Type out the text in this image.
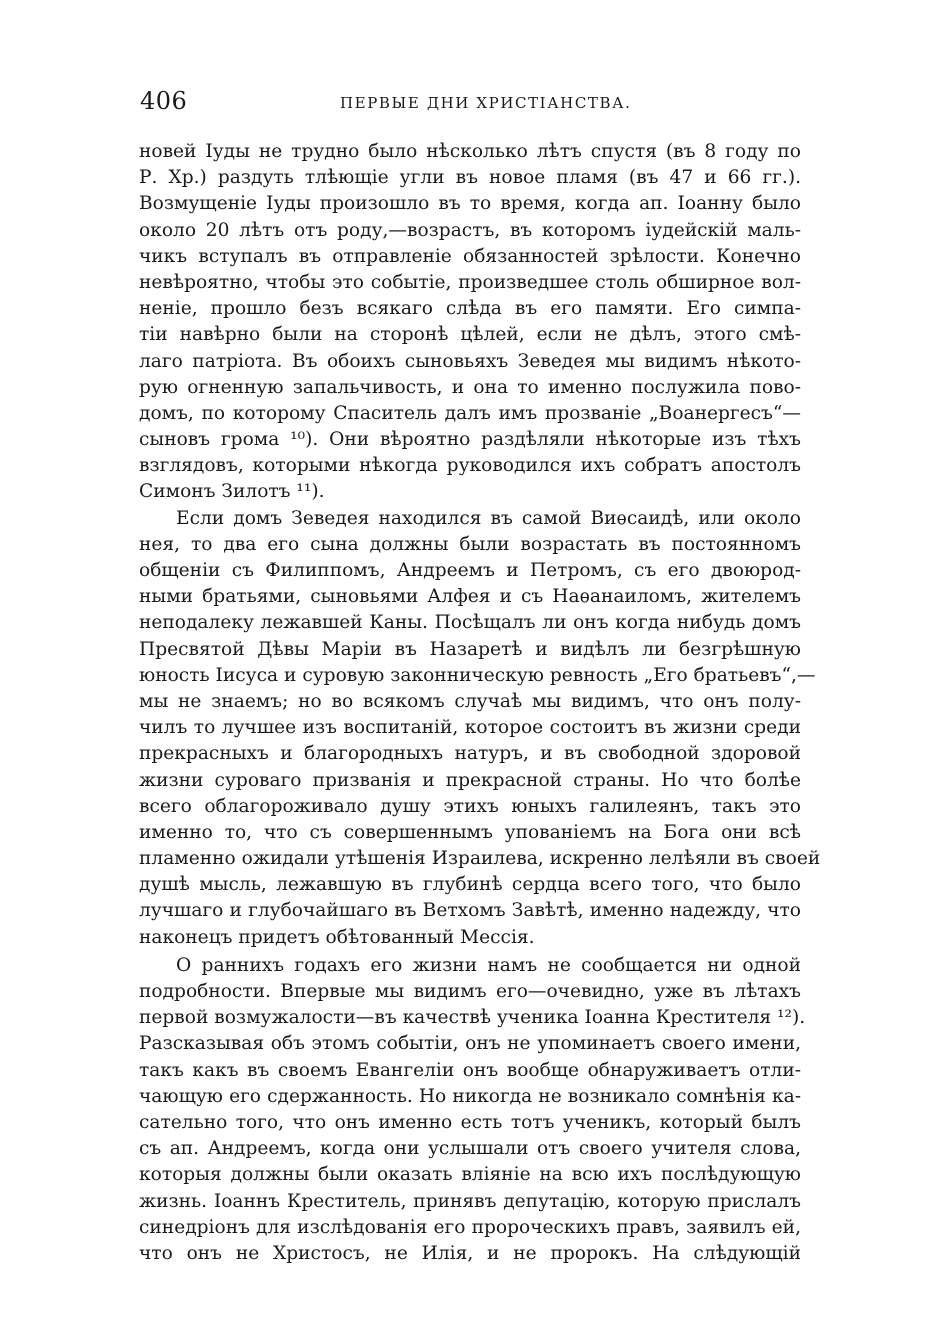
406	ПЕРВЫЕ ДНИ ХРИСТІАНСТВА.
новей Іуды не трудно было нѣсколько лѣтъ спустя (въ 8 году по
Р. Хр.) раздуть тлѣющіе угли въ новое пламя (въ 47 и 66 гг.).
Возмущеніе Іуды произошло въ то время, когда ап. Іоанну было
около 20 лѣтъ отъ роду,—возрастъ, въ которомъ іудейскій маль-
чикъ вступалъ въ отправленіе обязанностей зрѣлости. Конечно
невѣроятно, чтобы это событіе, произведшее столь обширное вол-
неніе, прошло безъ всякаго слѣда въ его памяти. Его симпа-
тіи навѣрно были на сторонѣ цѣлей, если не дѣлъ, этого смѣ-
лаго патріота. Въ обоихъ сыновьяхъ Зеведея мы видимъ нѣкото-
рую огненную запальчивость, и она то именно послужила пово-
домъ, по которому Спаситель далъ имъ прозваніе „Воанергесъ“—
сыновъ грома ¹⁰). Они вѣроятно раздѣляли нѣкоторые изъ тѣхъ
взглядовъ, которыми нѣкогда руководился ихъ собратъ апостолъ
Симонъ Зилотъ ¹¹).
Если домъ Зеведея находился въ самой Виѳсаидѣ, или около
нея, то два его сына должны были возрастать въ постоянномъ
общеніи съ Филиппомъ, Андреемъ и Петромъ, съ его двоюрод-
ными братьями, сыновьями Алфея и съ Наѳанаиломъ, жителемъ
неподалеку лежавшей Каны. Посѣщалъ ли онъ когда нибудь домъ
Пресвятой Дѣвы Маріи въ Назаретѣ и видѣлъ ли безгрѣшную
юность Іисуса и суровую законническую ревность „Его братьевъ“,—
мы не знаемъ; но во всякомъ случаѣ мы видимъ, что онъ полу-
чилъ то лучшее изъ воспитаній, которое состоитъ въ жизни среди
прекрасныхъ и благородныхъ натуръ, и въ свободной здоровой
жизни суроваго призванія и прекрасной страны. Но что болѣе
всего облагороживало душу этихъ юныхъ галилеянъ, такъ это
именно то, что съ совершеннымъ упованіемъ на Бога они всѣ
пламенно ожидали утѣшенія Израилева, искренно лелѣяли въ своей
душѣ мысль, лежавшую въ глубинѣ сердца всего того, что было
лучшаго и глубочайшаго въ Ветхомъ Завѣтѣ, именно надежду, что
наконецъ придетъ обѣтованный Мессія.
О раннихъ годахъ его жизни намъ не сообщается ни одной
подробности. Впервые мы видимъ его—очевидно, уже въ лѣтахъ
первой возмужалости—въ качествѣ ученика Іоанна Крестителя ¹²).
Разсказывая объ этомъ событіи, онъ не упоминаетъ своего имени,
такъ какъ въ своемъ Евангеліи онъ вообще обнаруживаетъ отли-
чающую его сдержанность. Но никогда не возникало сомнѣнія ка-
сательно того, что онъ именно есть тотъ ученикъ, который былъ
съ ап. Андреемъ, когда они услышали отъ своего учителя слова,
которыя должны были оказать вліяніе на всю ихъ послѣдующую
жизнь. Іоаннъ Креститель, принявъ депутацію, которую прислалъ
синедріонъ для изслѣдованія его пророческихъ правъ, заявилъ ей,
что онъ не Христосъ, не Илія, и не пророкъ. На слѣдующій
